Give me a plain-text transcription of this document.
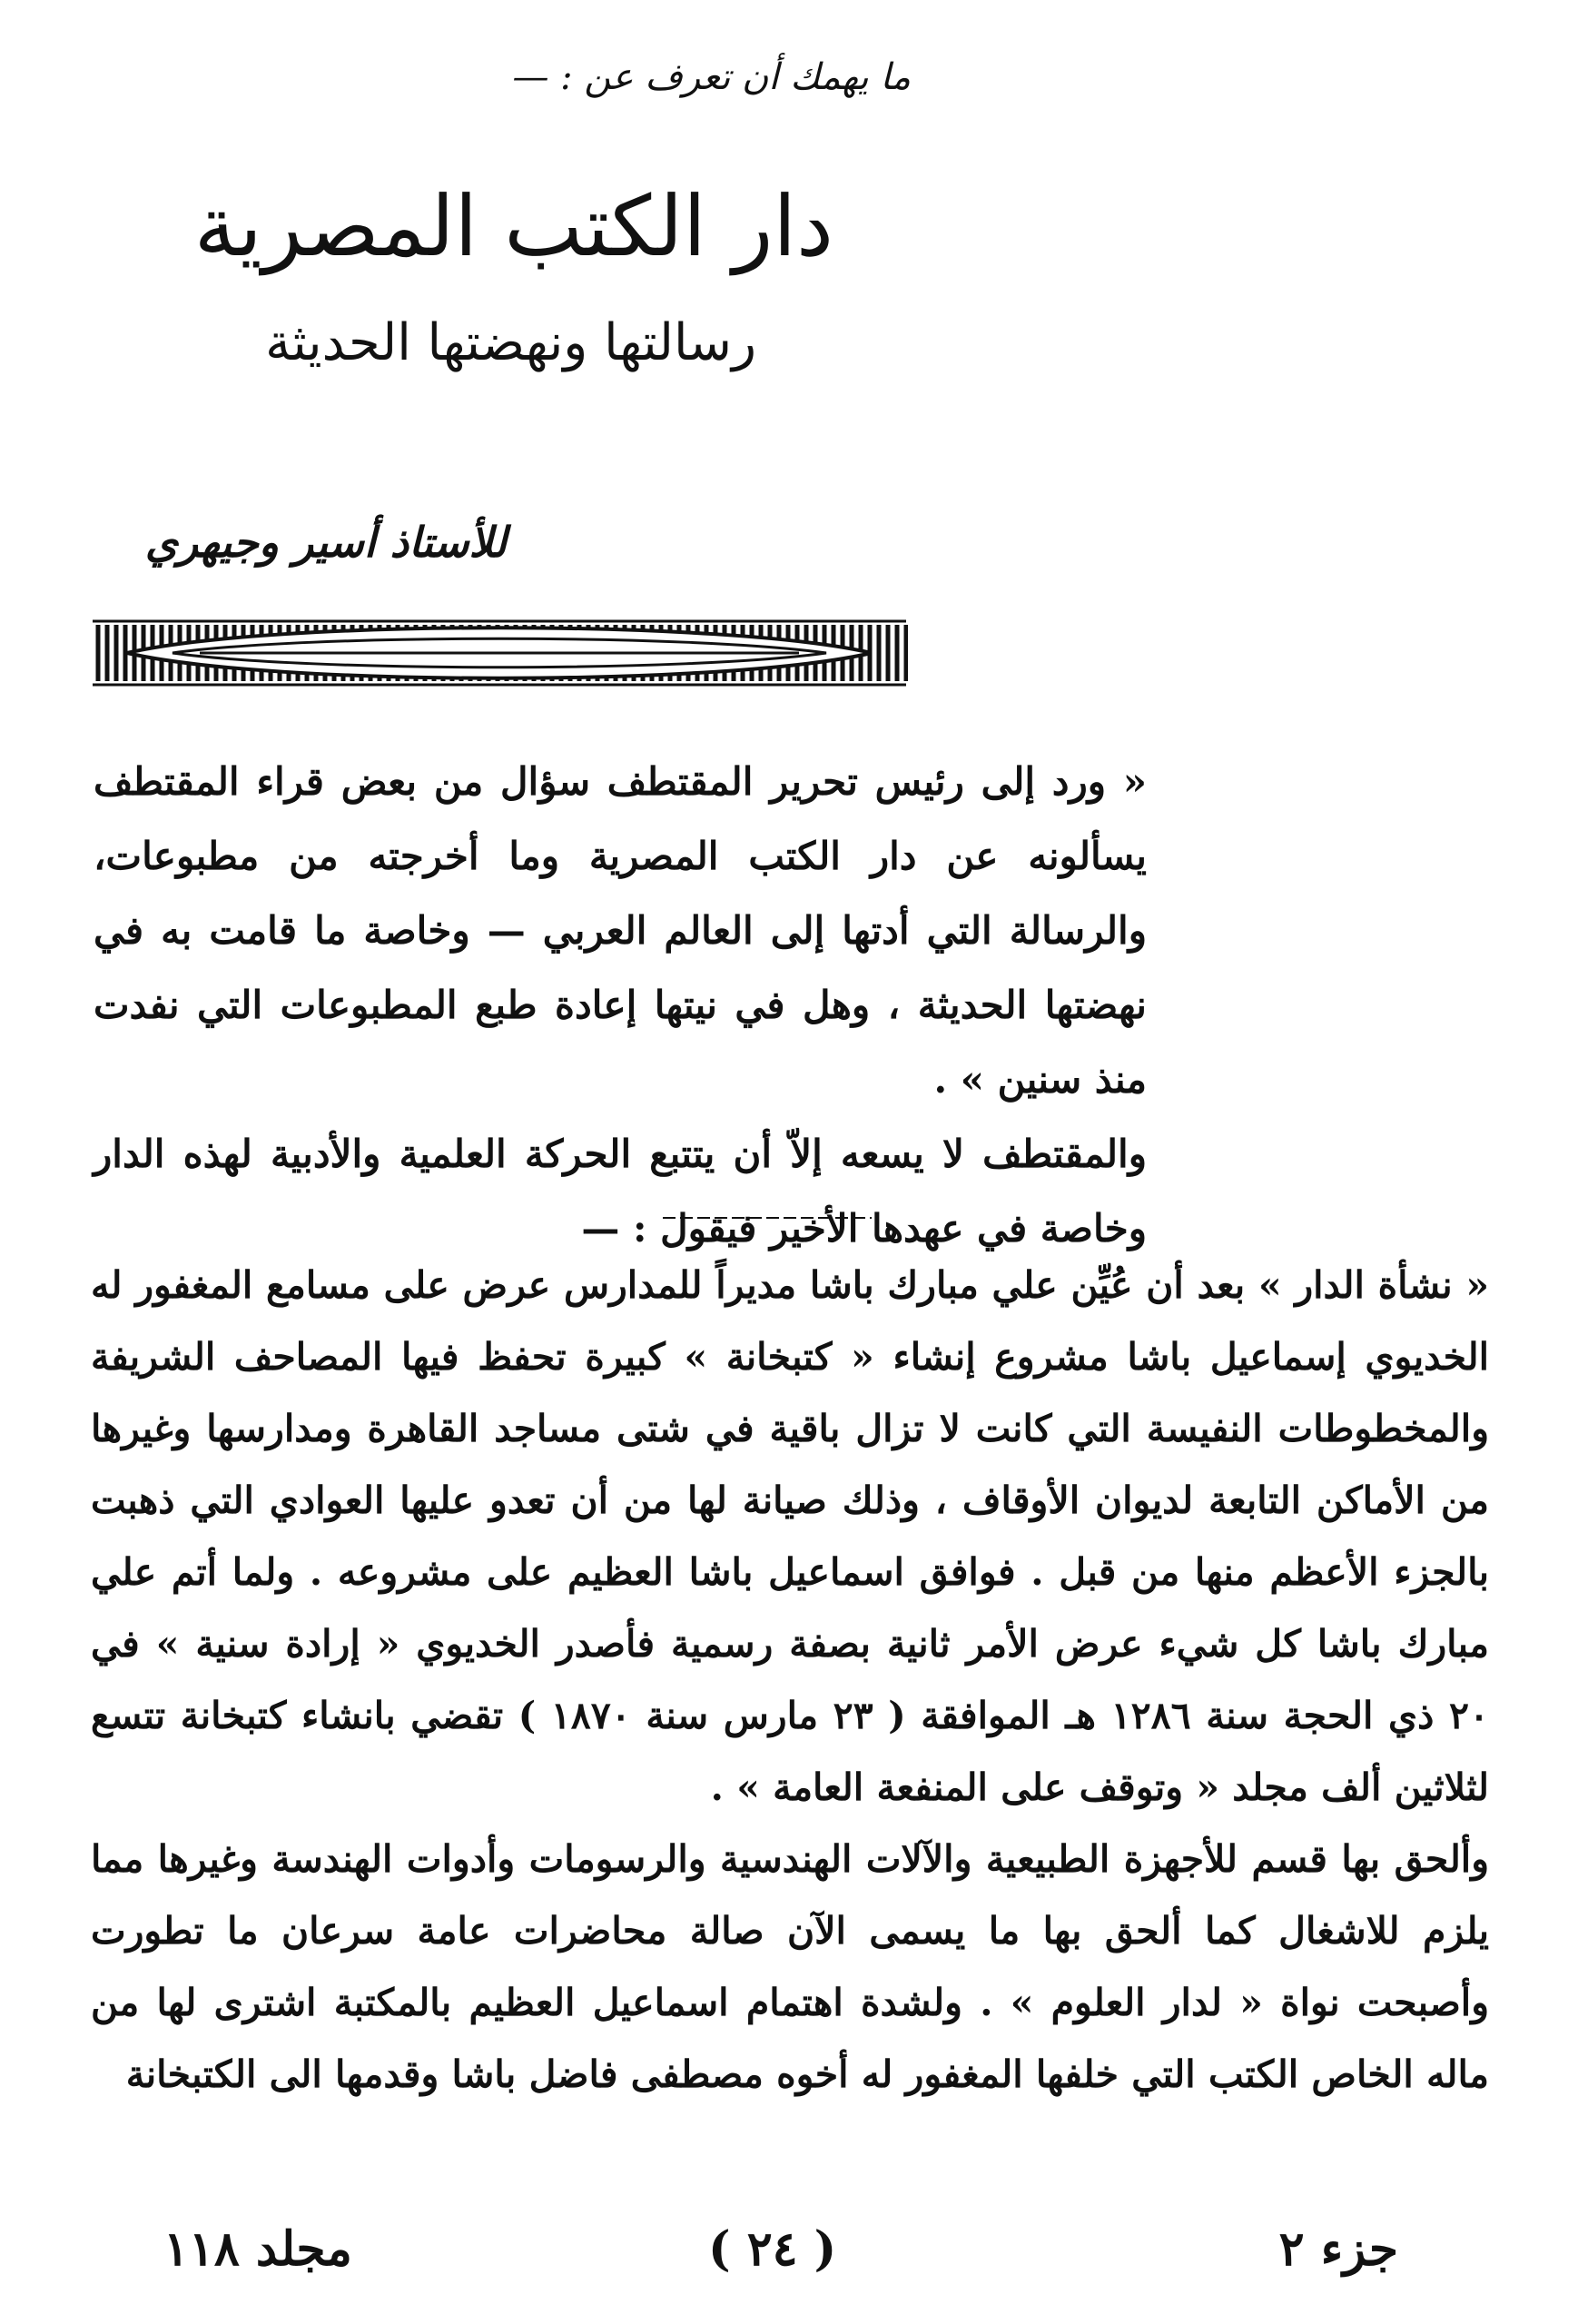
ما يهمك أن تعرف عن : —
دار الكتب المصرية
رسالتها ونهضتها الحديثة
للأستاذ أسير وجيهري

« ورد إلى رئيس تحرير المقتطف سؤال من بعض قراء المقتطف يسألونه عن دار الكتب المصرية وما أخرجته من مطبوعات، والرسالة التي أدتها إلى العالم العربي — وخاصة ما قامت به في نهضتها الحديثة ، وهل في نيتها إعادة طبع المطبوعات التي نفدت منذ سنين » .

والمقتطف لا يسعه إلاّ أن يتتبع الحركة العلمية والأدبية لهذه الدار وخاصة في عهدها الأخير فيقول : —

« نشأة الدار » بعد أن عُيِّن علي مبارك باشا مديراً للمدارس عرض على مسامع المغفور له الخديوي إسماعيل باشا مشروع إنشاء « كتبخانة » كبيرة تحفظ فيها المصاحف الشريفة والمخطوطات النفيسة التي كانت لا تزال باقية في شتى مساجد القاهرة ومدارسها وغيرها من الأماكن التابعة لديوان الأوقاف ، وذلك صيانة لها من أن تعدو عليها العوادي التي ذهبت بالجزء الأعظم منها من قبل . فوافق اسماعيل باشا العظيم على مشروعه . ولما أتم علي مبارك باشا كل شيء عرض الأمر ثانية بصفة رسمية فأصدر الخديوي « إرادة سنية » في ٢٠ ذي الحجة سنة ١٢٨٦ هـ الموافقة ( ٢٣ مارس سنة ١٨٧٠ ) تقضي بانشاء كتبخانة تتسع لثلاثين ألف مجلد « وتوقف على المنفعة العامة » .

وألحق بها قسم للأجهزة الطبيعية والآلات الهندسية والرسومات وأدوات الهندسة وغيرها مما يلزم للاشغال كما ألحق بها ما يسمى الآن صالة محاضرات عامة سرعان ما تطورت وأصبحت نواة « لدار العلوم » . ولشدة اهتمام اسماعيل العظيم بالمكتبة اشترى لها من ماله الخاص الكتب التي خلفها المغفور له أخوه مصطفى فاضل باشا وقدمها الى الكتبخانة

جزء ٢
( ٢٤ )
مجلد ١١٨
